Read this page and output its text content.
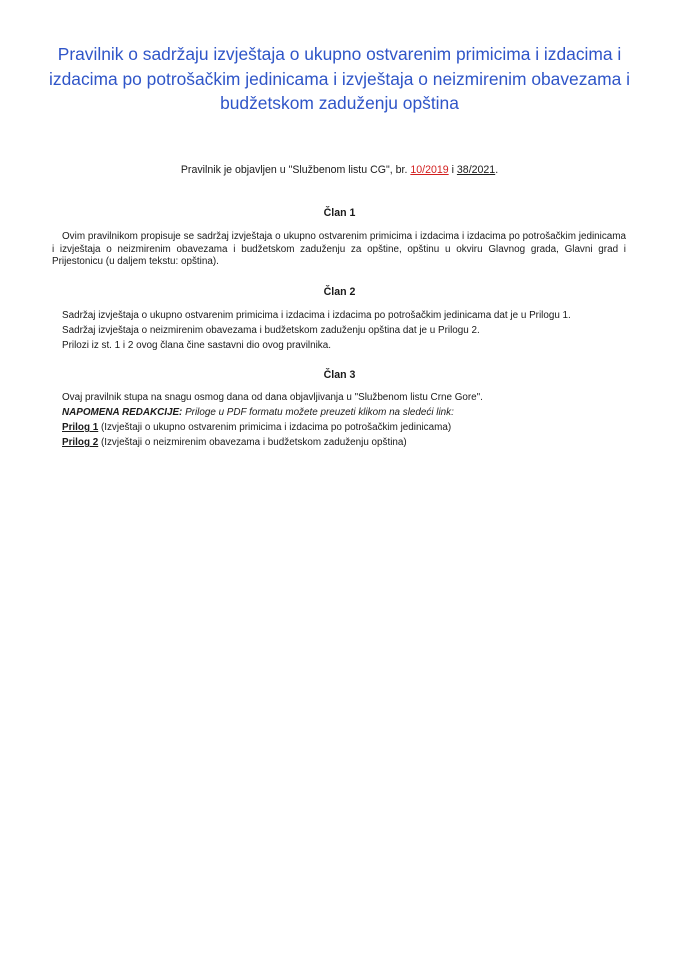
Pravilnik o sadržaju izvještaja o ukupno ostvarenim primicima i izdacima i izdacima po potrošačkim jedinicama i izvještaja o neizmirenim obavezama i budžetskom zaduženju opština
Pravilnik je objavljen u "Službenom listu CG", br. 10/2019 i 38/2021.
Član 1
Ovim pravilnikom propisuje se sadržaj izvještaja o ukupno ostvarenim primicima i izdacima i izdacima po potrošačkim jedinicama i izvještaja o neizmirenim obavezama i budžetskom zaduženju za opštine, opštinu u okviru Glavnog grada, Glavni grad i Prijestonicu (u daljem tekstu: opština).
Član 2
Sadržaj izvještaja o ukupno ostvarenim primicima i izdacima i izdacima po potrošačkim jedinicama dat je u Prilogu 1.
Sadržaj izvještaja o neizmirenim obavezama i budžetskom zaduženju opština dat je u Prilogu 2.
Prilozi iz st. 1 i 2 ovog člana čine sastavni dio ovog pravilnika.
Član 3
Ovaj pravilnik stupa na snagu osmog dana od dana objavljivanja u "Službenom listu Crne Gore".
NAPOMENA REDAKCIJE: Priloge u PDF formatu možete preuzeti klikom na sledeći link:
Prilog 1 (Izvještaji o ukupno ostvarenim primicima i izdacima po potrošačkim jedinicama)
Prilog 2 (Izvještaji o neizmirenim obavezama i budžetskom zaduženju opština)
